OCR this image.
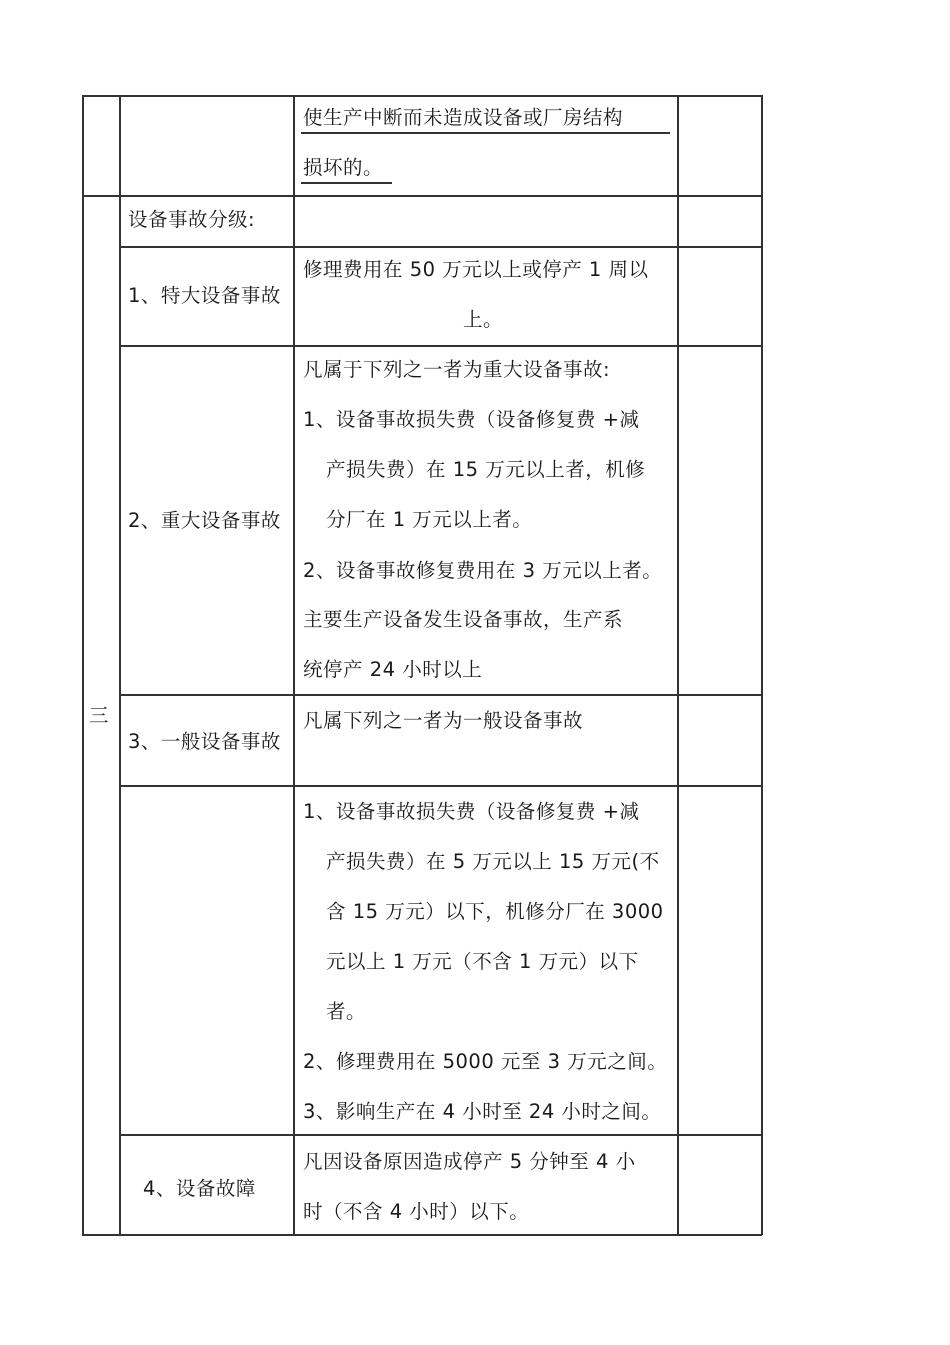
使生产中断而未造成设备或厂房结构
损坏的。
三
设备事故分级:
1、特大设备事故
修理费用在 50 万元以上或停产 1 周以
上。
2、重大设备事故
凡属于下列之一者为重大设备事故:
1、设备事故损失费（设备修复费 +减
产损失费）在 15 万元以上者，机修
分厂在 1 万元以上者。
2、设备事故修复费用在 3 万元以上者。
主要生产设备发生设备事故，生产系
统停产 24 小时以上
3、一般设备事故
凡属下列之一者为一般设备事故
1、设备事故损失费（设备修复费 +减
产损失费）在 5 万元以上 15 万元(不
含 15 万元）以下，机修分厂在 3000
元以上 1 万元（不含 1 万元）以下
者。
2、修理费用在 5000 元至 3 万元之间。
3、影响生产在 4 小时至 24 小时之间。
4、设备故障
凡因设备原因造成停产 5 分钟至 4 小
时（不含 4 小时）以下。
